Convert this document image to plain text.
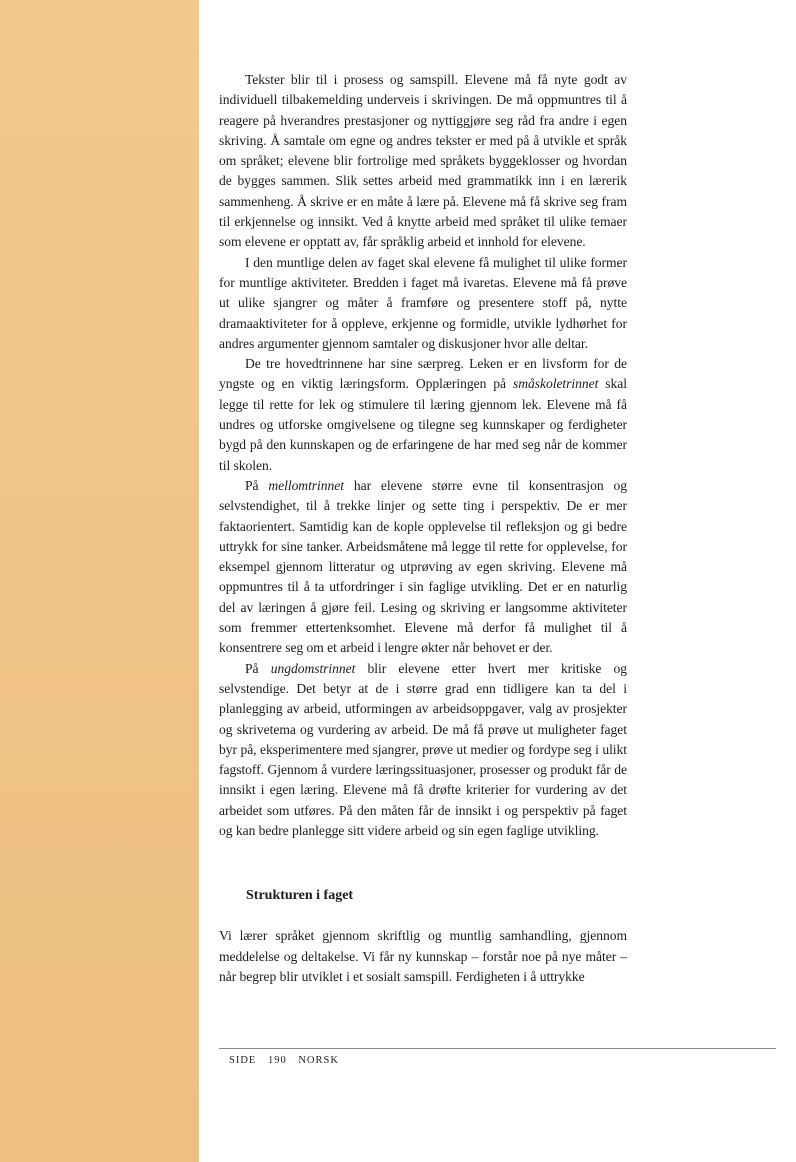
Tekster blir til i prosess og samspill. Elevene må få nyte godt av individuell tilbakemelding underveis i skrivingen. De må oppmuntres til å reagere på hverandres prestasjoner og nyttiggjøre seg råd fra andre i egen skriving. Å samtale om egne og andres tekster er med på å utvikle et språk om språket; elevene blir fortrolige med språkets byggeklosser og hvordan de bygges sammen. Slik settes arbeid med grammatikk inn i en lærerik sammenheng. Å skrive er en måte å lære på. Elevene må få skrive seg fram til erkjennelse og innsikt. Ved å knytte arbeid med språket til ulike temaer som elevene er opptatt av, får språklig arbeid et innhold for elevene.

I den muntlige delen av faget skal elevene få mulighet til ulike former for muntlige aktiviteter. Bredden i faget må ivaretas. Elevene må få prøve ut ulike sjangrer og måter å framføre og presentere stoff på, nytte dramaaktiviteter for å oppleve, erkjenne og formidle, utvikle lydhørhet for andres argumenter gjennom samtaler og diskusjoner hvor alle deltar.

De tre hovedtrinnene har sine særpreg. Leken er en livsform for de yngste og en viktig læringsform. Opplæringen på småskoletrinnet skal legge til rette for lek og stimulere til læring gjennom lek. Elevene må få undres og utforske omgivelsene og tilegne seg kunnskaper og ferdigheter bygd på den kunnskapen og de erfaringene de har med seg når de kommer til skolen.

På mellomtrinnet har elevene større evne til konsentrasjon og selvstendighet, til å trekke linjer og sette ting i perspektiv. De er mer faktaorientert. Samtidig kan de kople opplevelse til refleksjon og gi bedre uttrykk for sine tanker. Arbeidsmåtene må legge til rette for opplevelse, for eksempel gjennom litteratur og utprøving av egen skriving. Elevene må oppmuntres til å ta utfordringer i sin faglige utvikling. Det er en naturlig del av læringen å gjøre feil. Lesing og skriving er langsomme aktiviteter som fremmer ettertenksomhet. Elevene må derfor få mulighet til å konsentrere seg om et arbeid i lengre økter når behovet er der.

På ungdomstrinnet blir elevene etter hvert mer kritiske og selvstendige. Det betyr at de i større grad enn tidligere kan ta del i planlegging av arbeid, utformingen av arbeidsoppgaver, valg av prosjekter og skrivetema og vurdering av arbeid. De må få prøve ut muligheter faget byr på, eksperimentere med sjangrer, prøve ut medier og fordype seg i ulikt fagstoff. Gjennom å vurdere læringssituasjoner, prosesser og produkt får de innsikt i egen læring. Elevene må få drøfte kriterier for vurdering av det arbeidet som utføres. På den måten får de innsikt i og perspektiv på faget og kan bedre planlegge sitt videre arbeid og sin egen faglige utvikling.

Strukturen i faget

Vi lærer språket gjennom skriftlig og muntlig samhandling, gjennom meddelelse og deltakelse. Vi får ny kunnskap – forstår noe på nye måter – når begrep blir utviklet i et sosialt samspill. Ferdigheten i å uttrykke

SIDE 190 NORSK
